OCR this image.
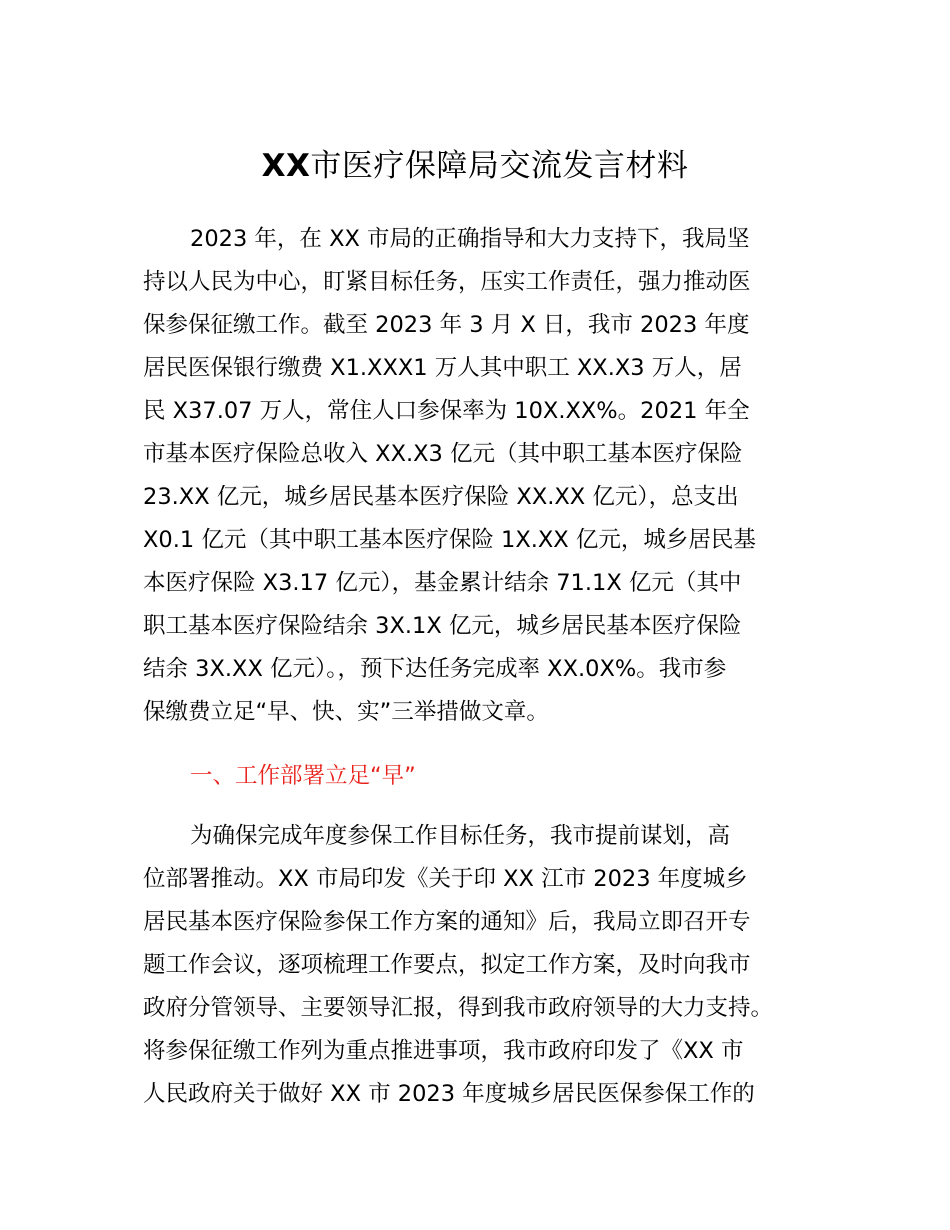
XX市医疗保障局交流发言材料

2023 年，在 XX 市局的正确指导和大力支持下，我局坚

持以人民为中心，盯紧目标任务，压实工作责任，强力推动医

保参保征缴工作。截至 2023 年 3 月 X 日，我市 2023 年度

居民医保银行缴费 X1.XXX1 万人其中职工 XX.X3 万人，居

民 X37.07 万人，常住人口参保率为 10X.XX%。2021 年全

市基本医疗保险总收入 XX.X3 亿元（其中职工基本医疗保险

23.XX 亿元，城乡居民基本医疗保险 XX.XX 亿元），总支出

X0.1 亿元（其中职工基本医疗保险 1X.XX 亿元，城乡居民基

本医疗保险 X3.17 亿元），基金累计结余 71.1X 亿元（其中

职工基本医疗保险结余 3X.1X 亿元，城乡居民基本医疗保险

结余 3X.XX 亿元）。，预下达任务完成率 XX.0X%。我市参

保缴费立足“早、快、实”三举措做文章。

一、工作部署立足“早”

为确保完成年度参保工作目标任务，我市提前谋划，高

位部署推动。XX 市局印发《关于印 XX 江市 2023 年度城乡

居民基本医疗保险参保工作方案的通知》后，我局立即召开专

题工作会议，逐项梳理工作要点，拟定工作方案，及时向我市

政府分管领导、主要领导汇报，得到我市政府领导的大力支持。

将参保征缴工作列为重点推进事项，我市政府印发了《XX 市

人民政府关于做好 XX 市 2023 年度城乡居民医保参保工作的
